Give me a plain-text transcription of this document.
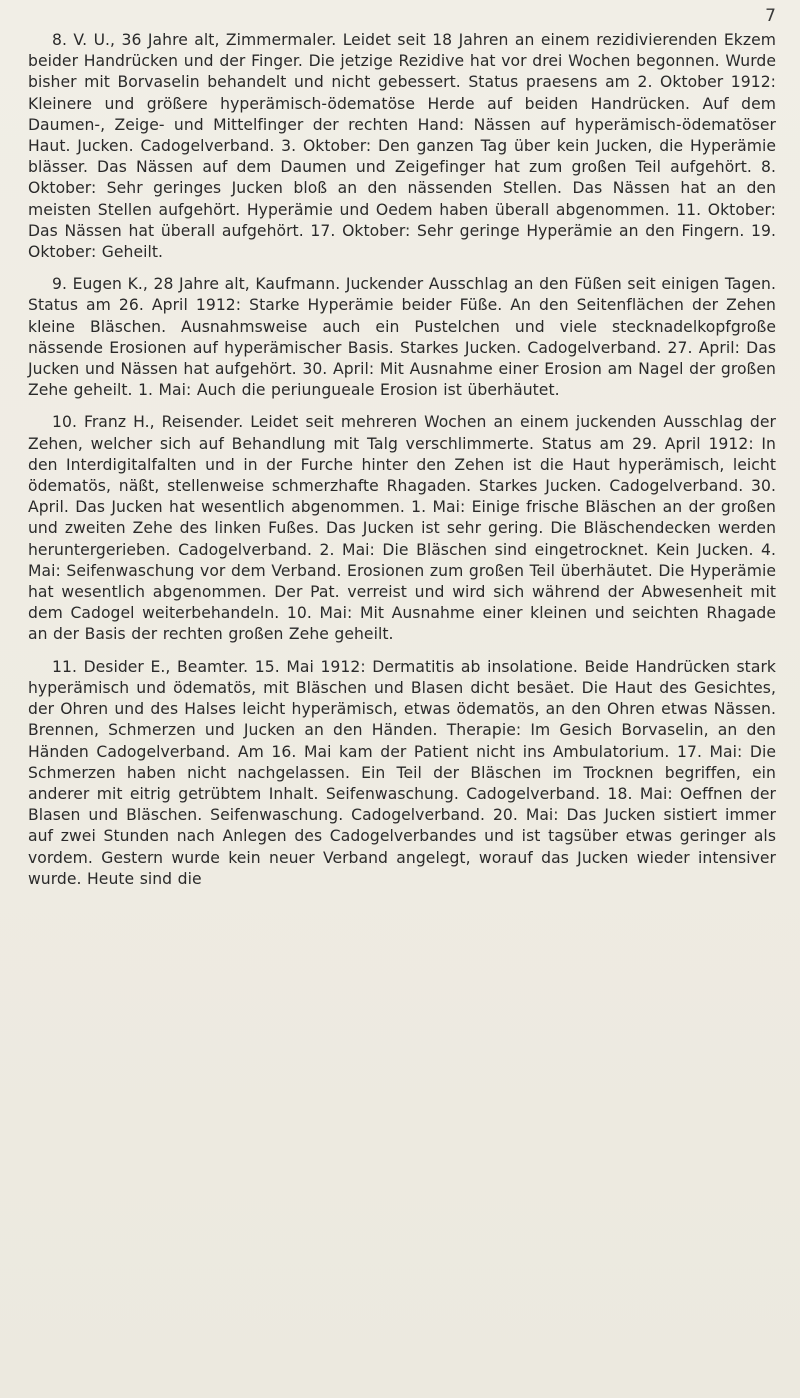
7

8. V. U., 36 Jahre alt, Zimmermaler. Leidet seit 18 Jahren an einem rezidivierenden Ekzem beider Handrücken und der Finger. Die jetzige Rezidive hat vor drei Wochen begonnen. Wurde bisher mit Borvaselin behandelt und nicht gebessert. Status praesens am 2. Oktober 1912: Kleinere und größere hyperämisch-ödematöse Herde auf beiden Handrücken. Auf dem Daumen-, Zeige- und Mittelfinger der rechten Hand: Nässen auf hyperämisch-ödematöser Haut. Jucken. Cadogelverband. 3. Oktober: Den ganzen Tag über kein Jucken, die Hyperämie blässer. Das Nässen auf dem Daumen und Zeigefinger hat zum großen Teil aufgehört. 8. Oktober: Sehr geringes Jucken bloß an den nässenden Stellen. Das Nässen hat an den meisten Stellen aufgehört. Hyperämie und Oedem haben überall abgenommen. 11. Oktober: Das Nässen hat überall aufgehört. 17. Oktober: Sehr geringe Hyperämie an den Fingern. 19. Oktober: Geheilt.

9. Eugen K., 28 Jahre alt, Kaufmann. Juckender Ausschlag an den Füßen seit einigen Tagen. Status am 26. April 1912: Starke Hyperämie beider Füße. An den Seitenflächen der Zehen kleine Bläschen. Ausnahmsweise auch ein Pustelchen und viele stecknadelkopfgroße nässende Erosionen auf hyperämischer Basis. Starkes Jucken. Cadogelverband. 27. April: Das Jucken und Nässen hat aufgehört. 30. April: Mit Ausnahme einer Erosion am Nagel der großen Zehe geheilt. 1. Mai: Auch die periungueale Erosion ist überhäutet.

10. Franz H., Reisender. Leidet seit mehreren Wochen an einem juckenden Ausschlag der Zehen, welcher sich auf Behandlung mit Talg verschlimmerte. Status am 29. April 1912: In den Interdigitalfalten und in der Furche hinter den Zehen ist die Haut hyperämisch, leicht ödematös, näßt, stellenweise schmerzhafte Rhagaden. Starkes Jucken. Cadogelverband. 30. April. Das Jucken hat wesentlich abgenommen. 1. Mai: Einige frische Bläschen an der großen und zweiten Zehe des linken Fußes. Das Jucken ist sehr gering. Die Bläschendecken werden heruntergerieben. Cadogelverband. 2. Mai: Die Bläschen sind eingetrocknet. Kein Jucken. 4. Mai: Seifenwaschung vor dem Verband. Erosionen zum großen Teil überhäutet. Die Hyperämie hat wesentlich abgenommen. Der Pat. verreist und wird sich während der Abwesenheit mit dem Cadogel weiterbehandeln. 10. Mai: Mit Ausnahme einer kleinen und seichten Rhagade an der Basis der rechten großen Zehe geheilt.

11. Desider E., Beamter. 15. Mai 1912: Dermatitis ab insolatione. Beide Handrücken stark hyperämisch und ödematös, mit Bläschen und Blasen dicht besäet. Die Haut des Gesichtes, der Ohren und des Halses leicht hyperämisch, etwas ödematös, an den Ohren etwas Nässen. Brennen, Schmerzen und Jucken an den Händen. Therapie: Im Gesich Borvaselin, an den Händen Cadogelverband. Am 16. Mai kam der Patient nicht ins Ambulatorium. 17. Mai: Die Schmerzen haben nicht nachgelassen. Ein Teil der Bläschen im Trocknen begriffen, ein anderer mit eitrig getrübtem Inhalt. Seifenwaschung. Cadogelverband. 18. Mai: Oeffnen der Blasen und Bläschen. Seifenwaschung. Cadogelverband. 20. Mai: Das Jucken sistiert immer auf zwei Stunden nach Anlegen des Cadogelverbandes und ist tagsüber etwas geringer als vordem. Gestern wurde kein neuer Verband angelegt, worauf das Jucken wieder intensiver wurde. Heute sind die
